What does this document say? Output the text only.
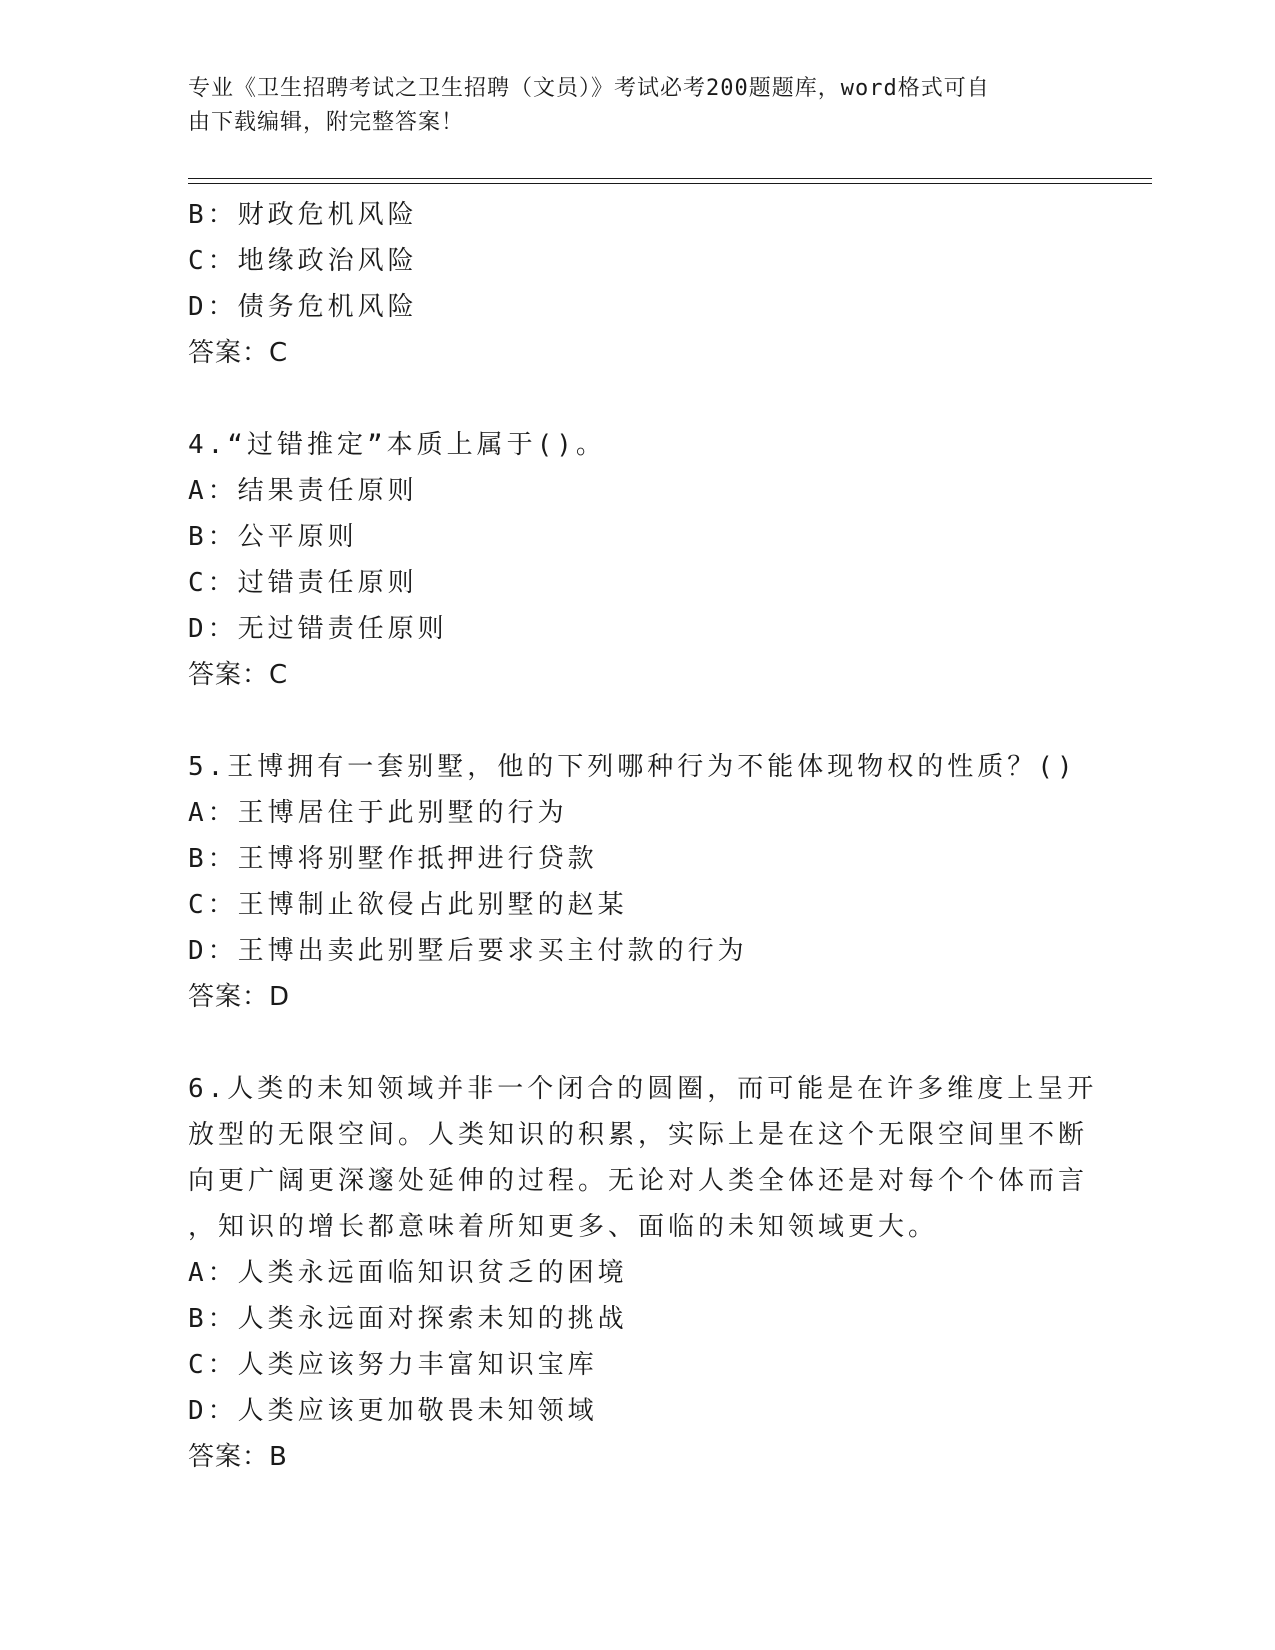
专业《卫生招聘考试之卫生招聘（文员）》考试必考200题题库，word格式可自
由下载编辑，附完整答案！
B：财政危机风险
C：地缘政治风险
D：债务危机风险
答案：C
4.“过错推定”本质上属于()。
A：结果责任原则
B：公平原则
C：过错责任原则
D：无过错责任原则
答案：C
5.王博拥有一套别墅，他的下列哪种行为不能体现物权的性质？()
A：王博居住于此别墅的行为
B：王博将别墅作抵押进行贷款
C：王博制止欲侵占此别墅的赵某
D：王博出卖此别墅后要求买主付款的行为
答案：D
6.人类的未知领域并非一个闭合的圆圈，而可能是在许多维度上呈开
放型的无限空间。人类知识的积累，实际上是在这个无限空间里不断
向更广阔更深邃处延伸的过程。无论对人类全体还是对每个个体而言
，知识的增长都意味着所知更多、面临的未知领域更大。
A：人类永远面临知识贫乏的困境
B：人类永远面对探索未知的挑战
C：人类应该努力丰富知识宝库
D：人类应该更加敬畏未知领域
答案：B
